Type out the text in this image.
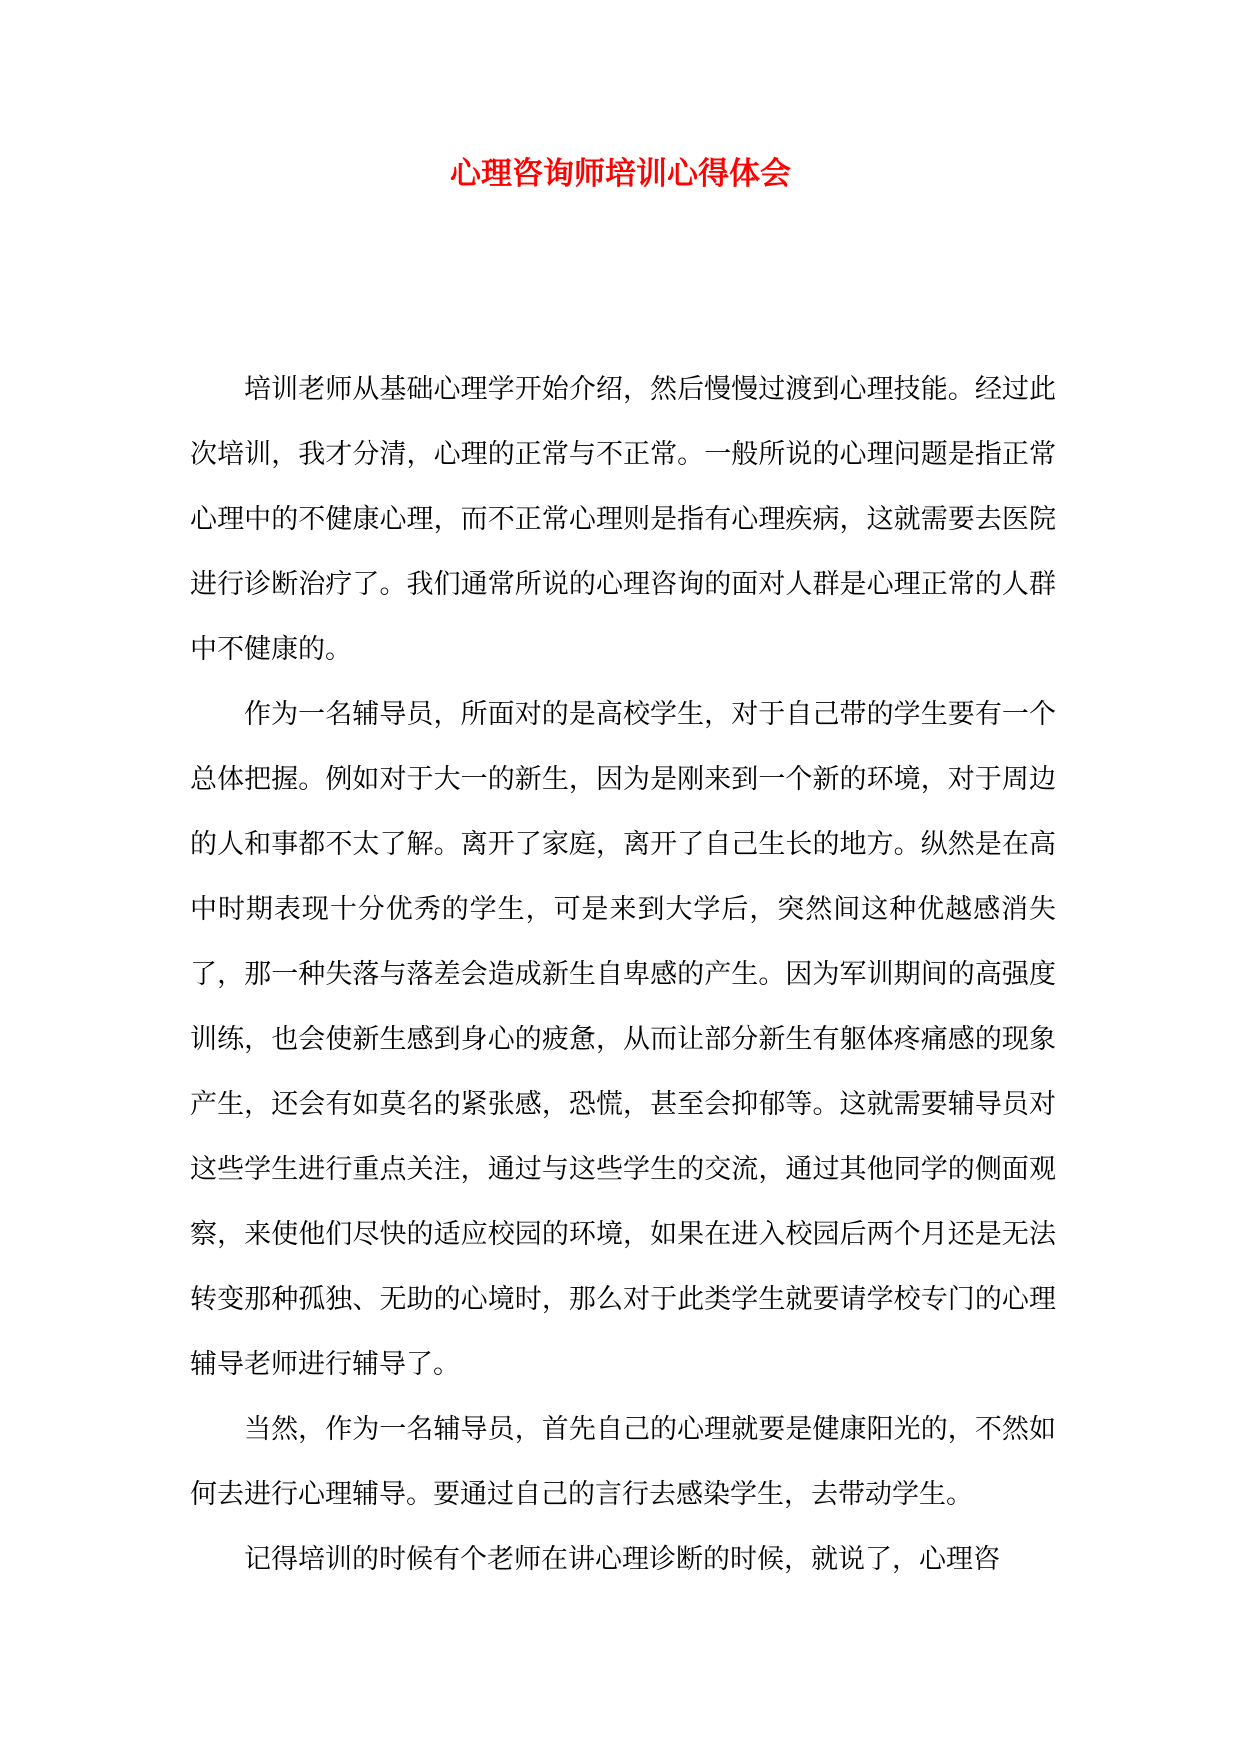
心理咨询师培训心得体会

培训老师从基础心理学开始介绍，然后慢慢过渡到心理技能。经过此次培训，我才分清，心理的正常与不正常。一般所说的心理问题是指正常心理中的不健康心理，而不正常心理则是指有心理疾病，这就需要去医院进行诊断治疗了。我们通常所说的心理咨询的面对人群是心理正常的人群中不健康的。

作为一名辅导员，所面对的是高校学生，对于自己带的学生要有一个总体把握。例如对于大一的新生，因为是刚来到一个新的环境，对于周边的人和事都不太了解。离开了家庭，离开了自己生长的地方。纵然是在高中时期表现十分优秀的学生，可是来到大学后，突然间这种优越感消失了，那一种失落与落差会造成新生自卑感的产生。因为军训期间的高强度训练，也会使新生感到身心的疲惫，从而让部分新生有躯体疼痛感的现象产生，还会有如莫名的紧张感，恐慌，甚至会抑郁等。这就需要辅导员对这些学生进行重点关注，通过与这些学生的交流，通过其他同学的侧面观察，来使他们尽快的适应校园的环境，如果在进入校园后两个月还是无法转变那种孤独、无助的心境时，那么对于此类学生就要请学校专门的心理辅导老师进行辅导了。

当然，作为一名辅导员，首先自己的心理就要是健康阳光的，不然如何去进行心理辅导。要通过自己的言行去感染学生，去带动学生。

记得培训的时候有个老师在讲心理诊断的时候，就说了，心理咨
